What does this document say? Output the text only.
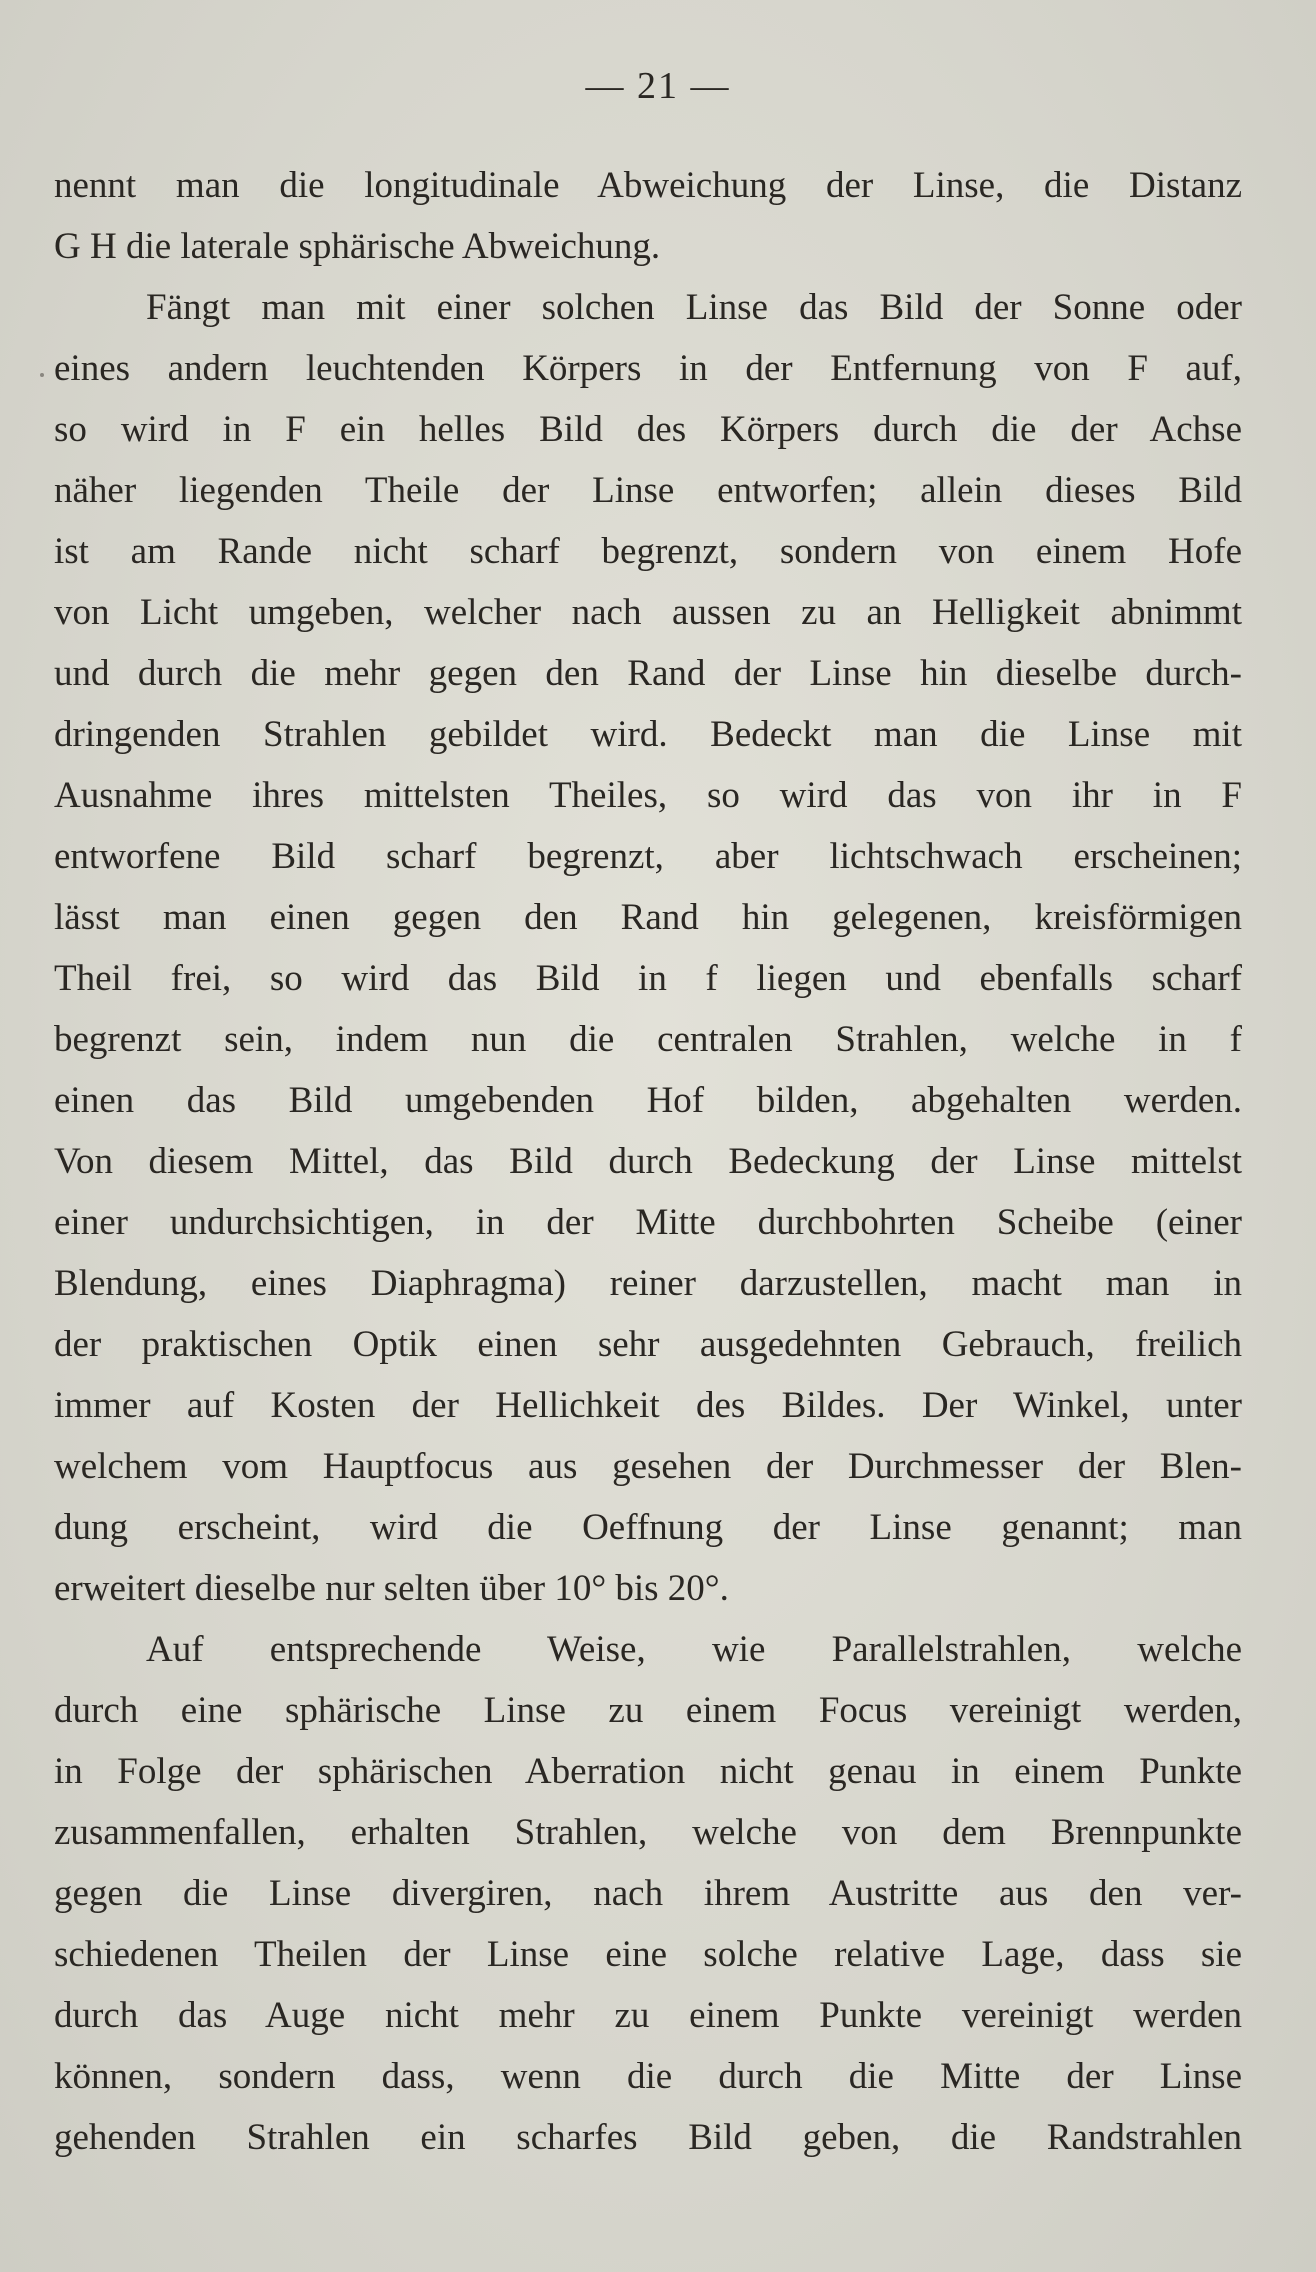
— 21 —
nennt man die longitudinale Abweichung der Linse, die Distanz
G H die laterale sphärische Abweichung.
Fängt man mit einer solchen Linse das Bild der Sonne oder
eines andern leuchtenden Körpers in der Entfernung von F auf,
so wird in F ein helles Bild des Körpers durch die der Achse
näher liegenden Theile der Linse entworfen; allein dieses Bild
ist am Rande nicht scharf begrenzt, sondern von einem Hofe
von Licht umgeben, welcher nach aussen zu an Helligkeit abnimmt
und durch die mehr gegen den Rand der Linse hin dieselbe durch-
dringenden Strahlen gebildet wird. Bedeckt man die Linse mit
Ausnahme ihres mittelsten Theiles, so wird das von ihr in F
entworfene Bild scharf begrenzt, aber lichtschwach erscheinen;
lässt man einen gegen den Rand hin gelegenen, kreisförmigen
Theil frei, so wird das Bild in f liegen und ebenfalls scharf
begrenzt sein, indem nun die centralen Strahlen, welche in f
einen das Bild umgebenden Hof bilden, abgehalten werden.
Von diesem Mittel, das Bild durch Bedeckung der Linse mittelst
einer undurchsichtigen, in der Mitte durchbohrten Scheibe (einer
Blendung, eines Diaphragma) reiner darzustellen, macht man in
der praktischen Optik einen sehr ausgedehnten Gebrauch, freilich
immer auf Kosten der Hellichkeit des Bildes. Der Winkel, unter
welchem vom Hauptfocus aus gesehen der Durchmesser der Blen-
dung erscheint, wird die Oeffnung der Linse genannt; man
erweitert dieselbe nur selten über 10° bis 20°.
Auf entsprechende Weise, wie Parallelstrahlen, welche
durch eine sphärische Linse zu einem Focus vereinigt werden,
in Folge der sphärischen Aberration nicht genau in einem Punkte
zusammenfallen, erhalten Strahlen, welche von dem Brennpunkte
gegen die Linse divergiren, nach ihrem Austritte aus den ver-
schiedenen Theilen der Linse eine solche relative Lage, dass sie
durch das Auge nicht mehr zu einem Punkte vereinigt werden
können, sondern dass, wenn die durch die Mitte der Linse
gehenden Strahlen ein scharfes Bild geben, die Randstrahlen
